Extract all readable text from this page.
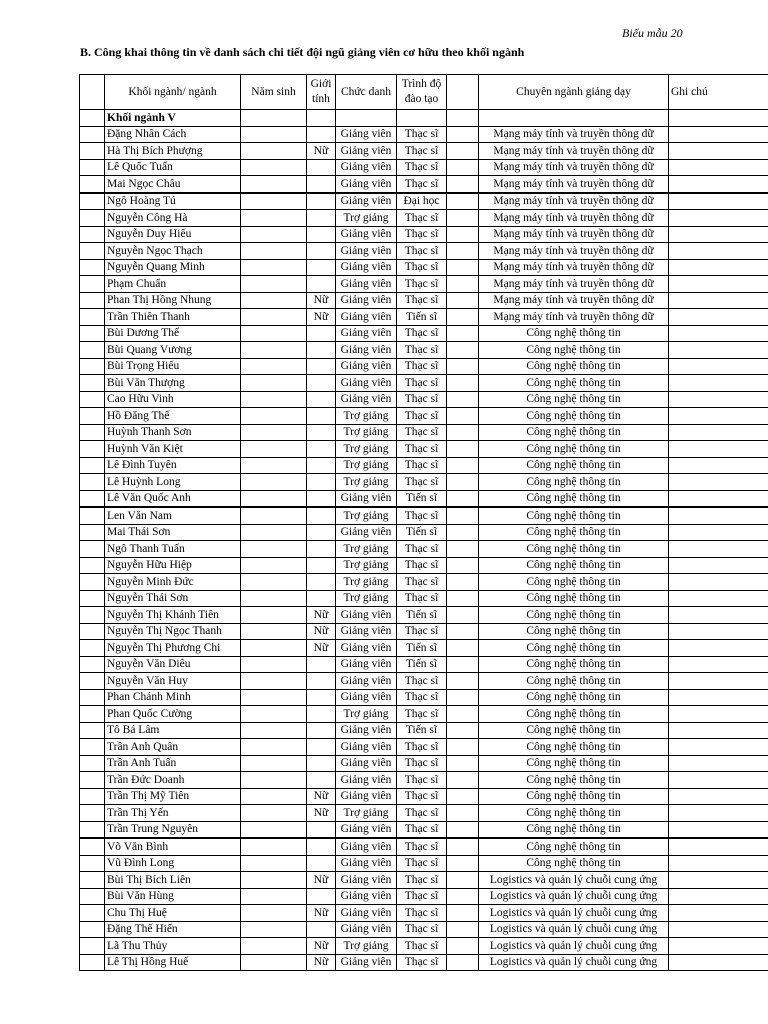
Biểu mẫu 20
B. Công khai thông tin về danh sách chi tiết đội ngũ giảng viên cơ hữu theo khối ngành
	Khối ngành/ ngành	Năm sinh	Giới tính	Chức danh	Trình độ đào tạo		Chuyên ngành giảng dạy	Ghi chú
	Khối ngành V							
	Đặng Nhân Cách			Giảng viên	Thạc sĩ		Mạng máy tính và truyền thông dữ	
	Hà Thị Bích Phượng		Nữ	Giảng viên	Thạc sĩ		Mạng máy tính và truyền thông dữ	
	Lê Quốc Tuấn			Giảng viên	Thạc sĩ		Mạng máy tính và truyền thông dữ	
	Mai Ngọc Châu			Giảng viên	Thạc sĩ		Mạng máy tính và truyền thông dữ	
	Ngô Hoàng Tú			Giảng viên	Đại học		Mạng máy tính và truyền thông dữ	
	Nguyễn Công Hà			Trợ giảng	Thạc sĩ		Mạng máy tính và truyền thông dữ	
	Nguyễn Duy Hiếu			Giảng viên	Thạc sĩ		Mạng máy tính và truyền thông dữ	
	Nguyễn Ngọc Thạch			Giảng viên	Thạc sĩ		Mạng máy tính và truyền thông dữ	
	Nguyễn Quang Minh			Giảng viên	Thạc sĩ		Mạng máy tính và truyền thông dữ	
	Phạm Chuẩn			Giảng viên	Thạc sĩ		Mạng máy tính và truyền thông dữ	
	Phan Thị Hồng Nhung		Nữ	Giảng viên	Thạc sĩ		Mạng máy tính và truyền thông dữ	
	Trần Thiên Thanh		Nữ	Giảng viên	Tiến sĩ		Mạng máy tính và truyền thông dữ	
	Bùi Dương Thế			Giảng viên	Thạc sĩ		Công nghệ thông tin	
	Bùi Quang Vương			Giảng viên	Thạc sĩ		Công nghệ thông tin	
	Bùi Trọng Hiếu			Giảng viên	Thạc sĩ		Công nghệ thông tin	
	Bùi Văn Thượng			Giảng viên	Thạc sĩ		Công nghệ thông tin	
	Cao Hữu Vinh			Giảng viên	Thạc sĩ		Công nghệ thông tin	
	Hồ Đăng Thế			Trợ giảng	Thạc sĩ		Công nghệ thông tin	
	Huỳnh Thanh Sơn			Trợ giảng	Thạc sĩ		Công nghệ thông tin	
	Huỳnh Văn Kiệt			Trợ giảng	Thạc sĩ		Công nghệ thông tin	
	Lê Đình Tuyên			Trợ giảng	Thạc sĩ		Công nghệ thông tin	
	Lê Huỳnh Long			Trợ giảng	Thạc sĩ		Công nghệ thông tin	
	Lê Văn Quốc Anh			Giảng viên	Tiến sĩ		Công nghệ thông tin	
	Len Văn Nam			Trợ giảng	Thạc sĩ		Công nghệ thông tin	
	Mai Thái Sơn			Giảng viên	Tiến sĩ		Công nghệ thông tin	
	Ngô Thanh Tuấn			Trợ giảng	Thạc sĩ		Công nghệ thông tin	
	Nguyễn Hữu Hiệp			Trợ giảng	Thạc sĩ		Công nghệ thông tin	
	Nguyễn Minh Đức			Trợ giảng	Thạc sĩ		Công nghệ thông tin	
	Nguyễn Thái Sơn			Trợ giảng	Thạc sĩ		Công nghệ thông tin	
	Nguyễn Thị Khánh Tiên		Nữ	Giảng viên	Tiến sĩ		Công nghệ thông tin	
	Nguyễn Thị Ngọc Thanh		Nữ	Giảng viên	Thạc sĩ		Công nghệ thông tin	
	Nguyễn Thị Phương Chi		Nữ	Giảng viên	Tiến sĩ		Công nghệ thông tin	
	Nguyễn Văn Diêu			Giảng viên	Tiến sĩ		Công nghệ thông tin	
	Nguyễn Văn Huy			Giảng viên	Thạc sĩ		Công nghệ thông tin	
	Phan Chánh Minh			Giảng viên	Thạc sĩ		Công nghệ thông tin	
	Phan Quốc Cường			Trợ giảng	Thạc sĩ		Công nghệ thông tin	
	Tô Bá Lâm			Giảng viên	Tiến sĩ		Công nghệ thông tin	
	Trần Anh Quân			Giảng viên	Thạc sĩ		Công nghệ thông tin	
	Trần Anh Tuấn			Giảng viên	Thạc sĩ		Công nghệ thông tin	
	Trần Đức Doanh			Giảng viên	Thạc sĩ		Công nghệ thông tin	
	Trần Thị Mỹ Tiên		Nữ	Giảng viên	Thạc sĩ		Công nghệ thông tin	
	Trần Thị Yến		Nữ	Trợ giảng	Thạc sĩ		Công nghệ thông tin	
	Trần Trung Nguyên			Giảng viên	Thạc sĩ		Công nghệ thông tin	
	Võ Văn Bình			Giảng viên	Thạc sĩ		Công nghệ thông tin	
	Vũ Đình Long			Giảng viên	Thạc sĩ		Công nghệ thông tin	
	Bùi Thị Bích Liên		Nữ	Giảng viên	Thạc sĩ		Logistics và quản lý chuỗi cung ứng	
	Bùi Văn Hùng			Giảng viên	Thạc sĩ		Logistics và quản lý chuỗi cung ứng	
	Chu Thị Huệ		Nữ	Giảng viên	Thạc sĩ		Logistics và quản lý chuỗi cung ứng	
	Đặng Thế Hiển			Giảng viên	Thạc sĩ		Logistics và quản lý chuỗi cung ứng	
	Lã Thu Thủy		Nữ	Trợ giảng	Thạc sĩ		Logistics và quản lý chuỗi cung ứng	
	Lê Thị Hồng Huế		Nữ	Giảng viên	Thạc sĩ		Logistics và quản lý chuỗi cung ứng	
